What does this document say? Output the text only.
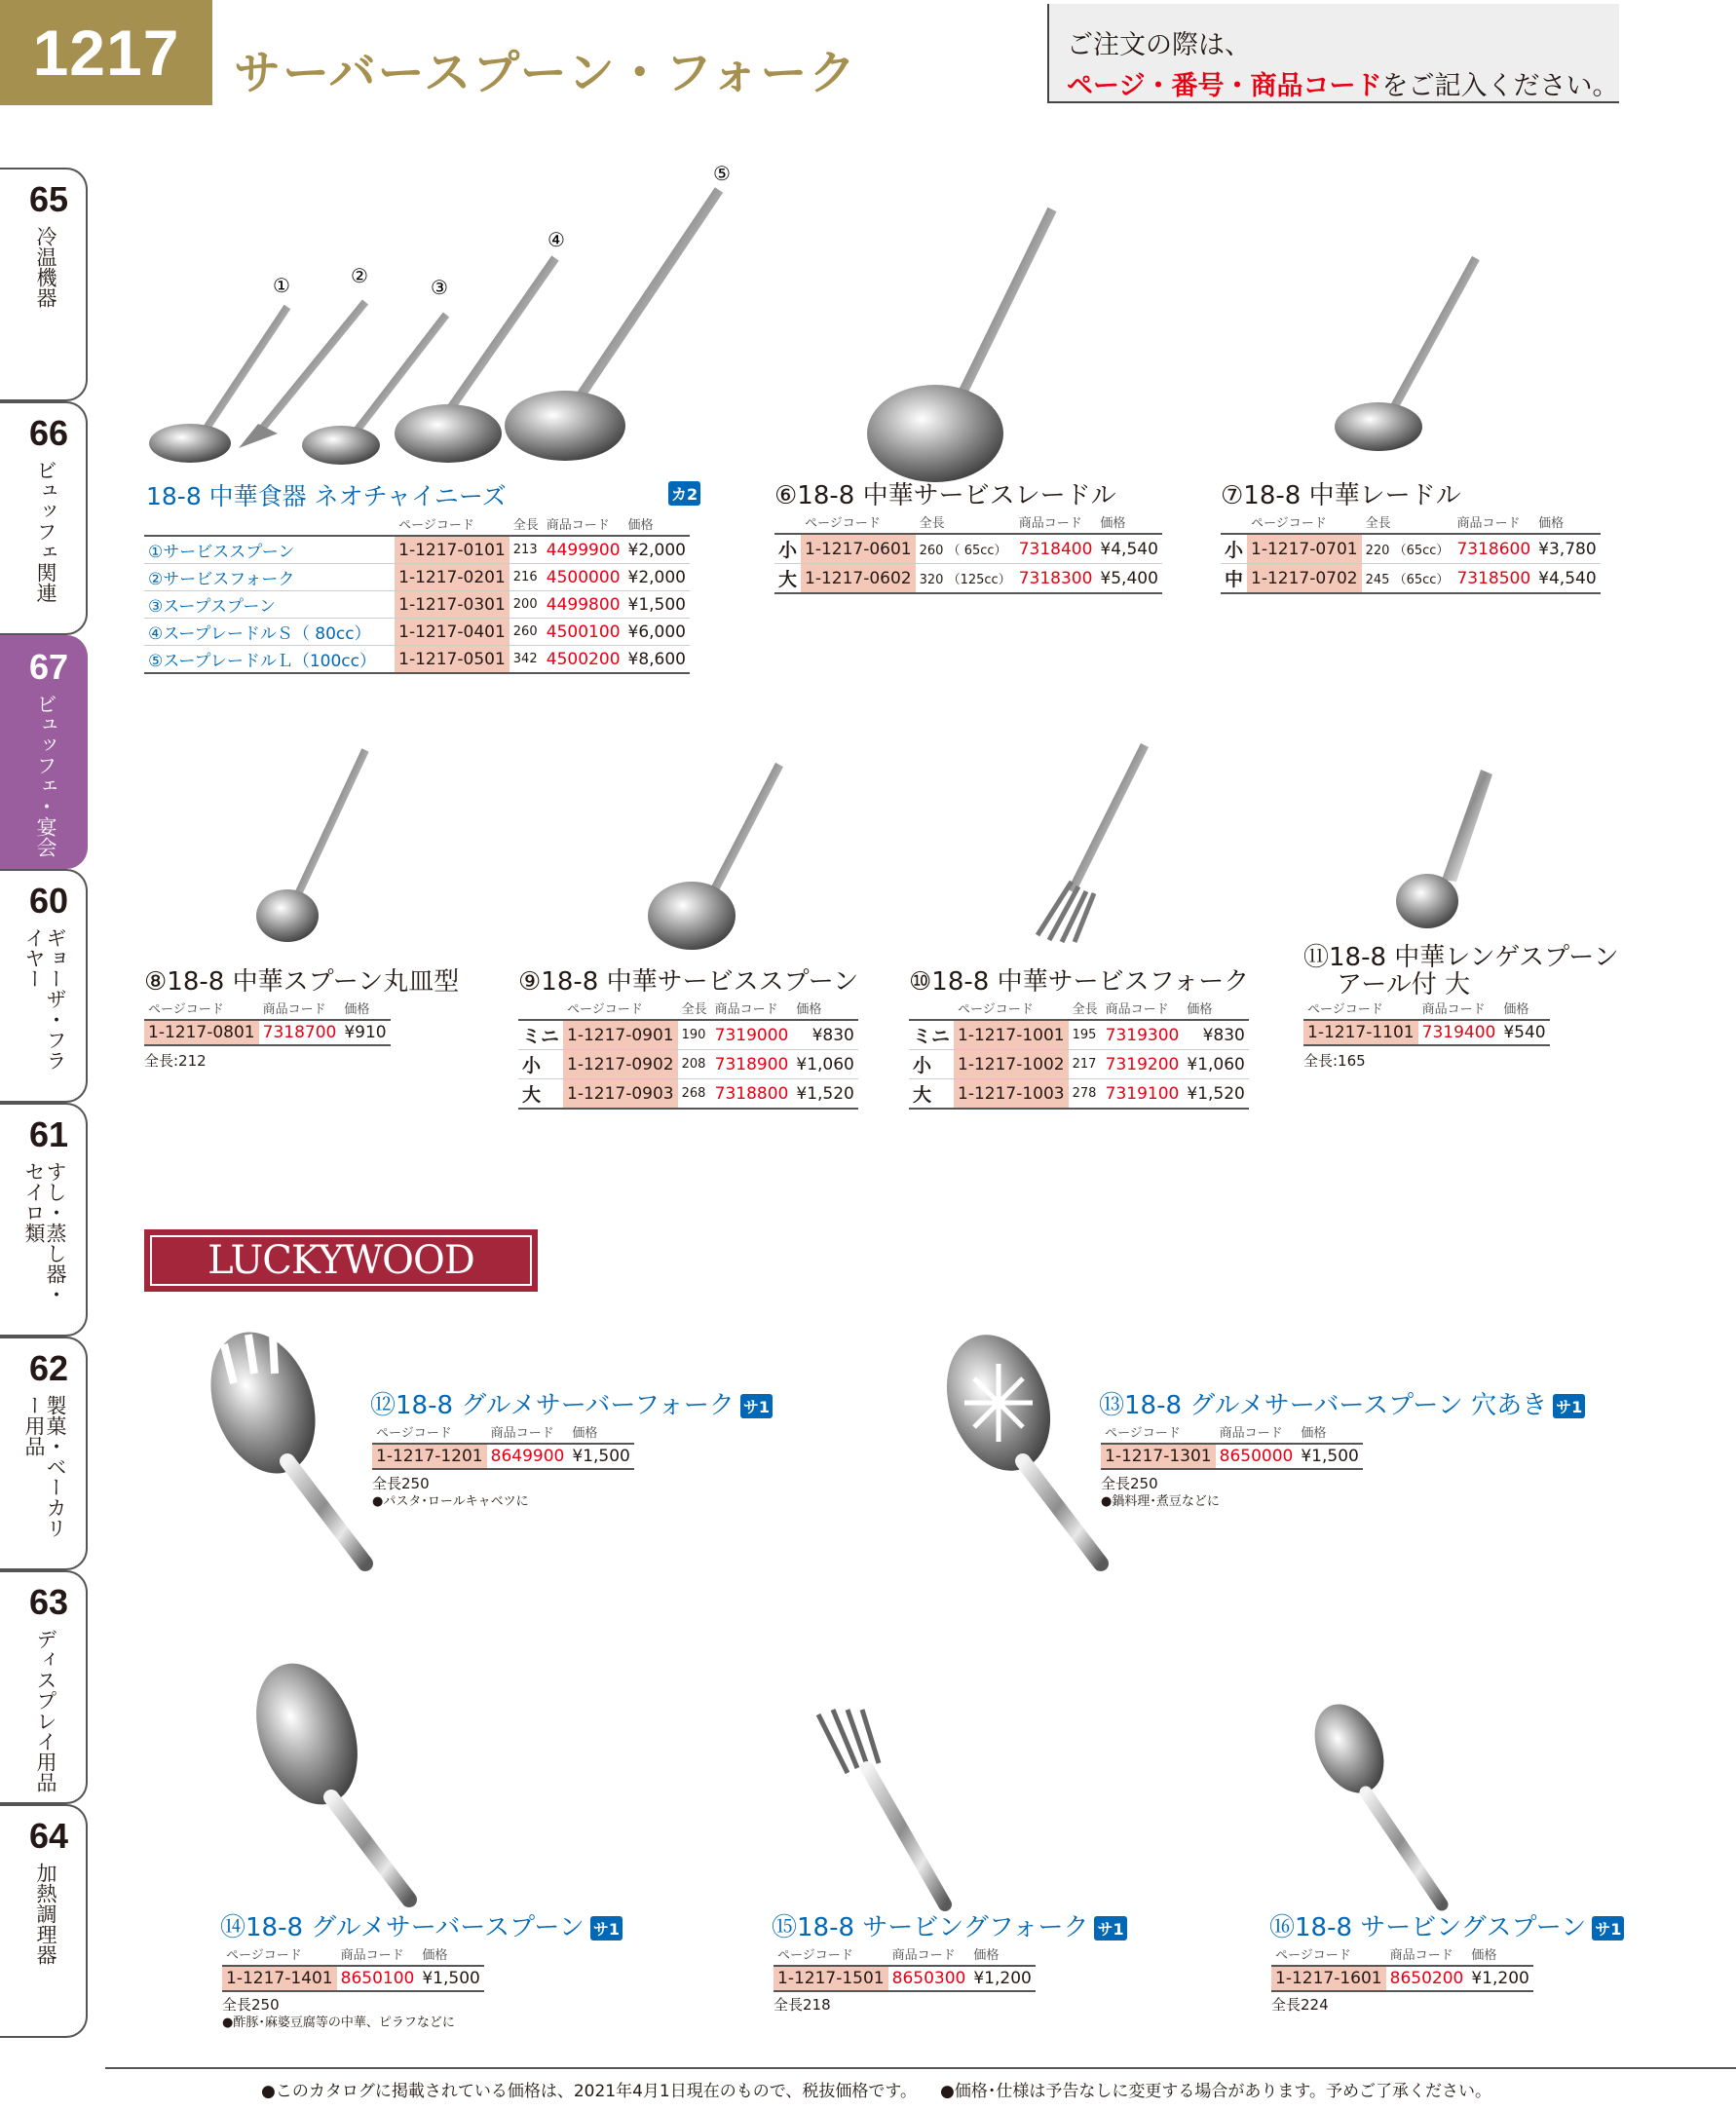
1217	サーバースプーン・フォーク
ご注文の際は、
ページ・番号・商品コードをご記入ください。
65
冷温機器
66
ビュッフェ関連
67
ビュッフェ・宴会
60
ギョーザ・フライヤー
61
すし・蒸し器・セイロ類
62
製菓・ベーカリー用品
63
ディスプレイ用品
64
加熱調理器
①	②	③
④
⑤
LUCKYWOOD
18-8 中華食器 ネオチャイニーズ	カ2
	ページコード	全長	商品コード	価格
①サービススプーン	1-1217-0101	213	4499900	¥2,000
②サービスフォーク	1-1217-0201	216	4500000	¥2,000
③スープスプーン	1-1217-0301	200	4499800	¥1,500
④スープレードルＳ（ 80cc）	1-1217-0401	260	4500100	¥6,000
⑤スープレードルＬ（100cc）	1-1217-0501	342	4500200	¥8,600
⑥18-8 中華サービスレードル
	ページコード	全長	商品コード	価格
小	1-1217-0601	260 （ 65cc）	7318400	¥4,540
大	1-1217-0602	320 （125cc）	7318300	¥5,400
⑦18-8 中華レードル
	ページコード	全長	商品コード	価格
小	1-1217-0701	220 （65cc）	7318600	¥3,780
中	1-1217-0702	245 （65cc）	7318500	¥4,540
⑧18-8 中華スプーン丸皿型
ページコード	商品コード	価格
1-1217-0801	7318700	¥910
全長:212
⑨18-8 中華サービススプーン
	ページコード	全長	商品コード	価格
ミニ	1-1217-0901	190	7319000	¥830
小	1-1217-0902	208	7318900	¥1,060
大	1-1217-0903	268	7318800	¥1,520
⑩18-8 中華サービスフォーク
	ページコード	全長	商品コード	価格
ミニ	1-1217-1001	195	7319300	¥830
小	1-1217-1002	217	7319200	¥1,060
大	1-1217-1003	278	7319100	¥1,520
⑪18-8 中華レンゲスプーン
アール付 大
ページコード	商品コード	価格
1-1217-1101	7319400	¥540
全長:165
⑫18-8 グルメサーバーフォーク サ1
ページコード	商品コード	価格
1-1217-1201	8649900	¥1,500
全長250
●パスタ･ロールキャベツに
⑬18-8 グルメサーバースプーン 穴あき サ1
ページコード	商品コード	価格
1-1217-1301	8650000	¥1,500
全長250
●鍋料理･煮豆などに
⑭18-8 グルメサーバースプーン サ1
ページコード	商品コード	価格
1-1217-1401	8650100	¥1,500
全長250
●酢豚･麻婆豆腐等の中華、ピラフなどに
⑮18-8 サービングフォーク サ1
ページコード	商品コード	価格
1-1217-1501	8650300	¥1,200
全長218
⑯18-8 サービングスプーン サ1
ページコード	商品コード	価格
1-1217-1601	8650200	¥1,200
全長224
●このカタログに掲載されている価格は、2021年4月1日現在のもので、税抜価格です。 ●価格･仕様は予告なしに変更する場合があります。予めご了承ください。
